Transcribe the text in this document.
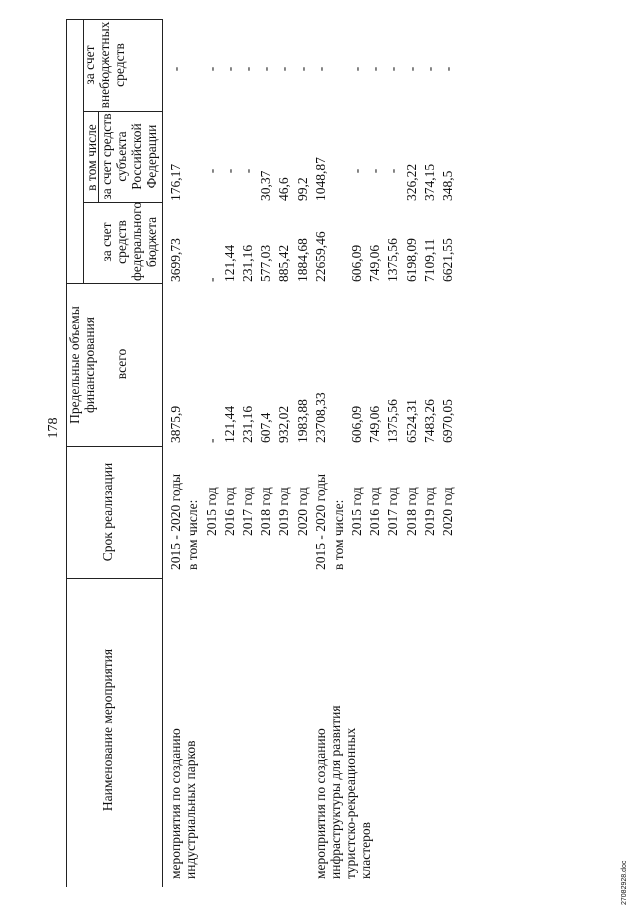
178
Наименование мероприятия
Срок реализации
Предельные объемы финансирования всего
в том числе
за счет средств федерального бюджета
за счет средств субъекта Российской Федерации
за счет внебюджетных средств
мероприятия по созданию индустриальных парков
2015 - 2020 годы
3875,9
3699,73
176,17
-
в том числе: 2015 год
-
-
-
-
2016 год
121,44
121,44
-
-
2017 год
231,16
231,16
-
-
2018 год
607,4
577,03
30,37
-
2019 год
932,02
885,42
46,6
-
2020 год
1983,88
1884,68
99,2
-
мероприятия по созданию инфраструктуры для развития туристско-рекреационных кластеров
2015 - 2020 годы
23708,33
22659,46
1048,87
-
в том числе: 2015 год
606,09
606,09
-
-
2016 год
749,06
749,06
-
-
2017 год
1375,56
1375,56
-
-
2018 год
6524,31
6198,09
326,22
-
2019 год
7483,26
7109,11
374,15
-
2020 год
6970,05
6621,55
348,5
-
27082928.doc
